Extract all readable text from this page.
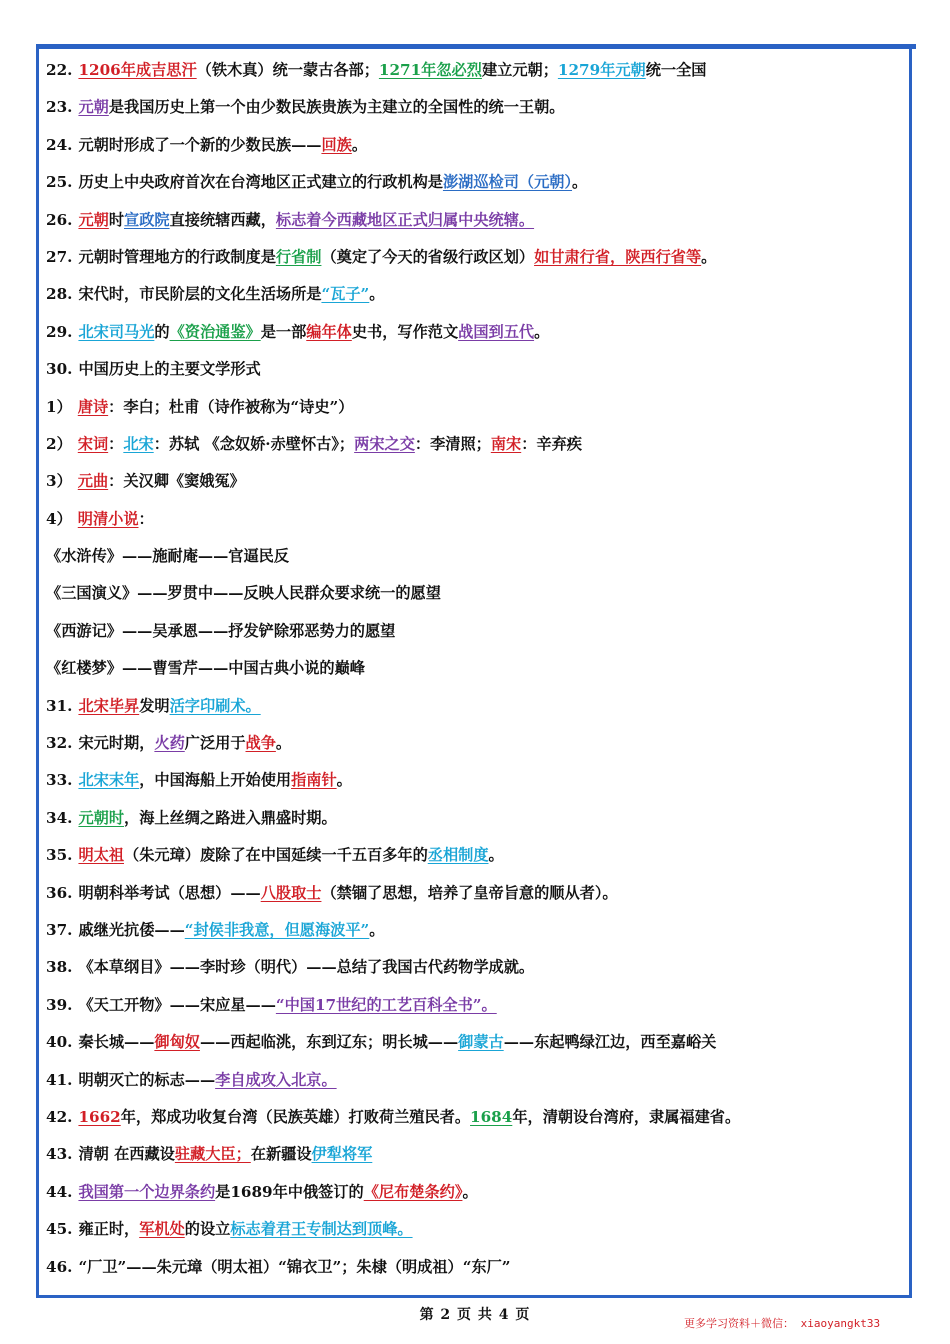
22. 1206年成吉思汗（铁木真）统一蒙古各部；1271年忽必烈建立元朝；1279年元朝统一全国
23. 元朝是我国历史上第一个由少数民族贵族为主建立的全国性的统一王朝。
24. 元朝时形成了一个新的少数民族——回族。
25. 历史上中央政府首次在台湾地区正式建立的行政机构是澎湖巡检司（元朝）。
26. 元朝时宣政院直接统辖西藏，标志着今西藏地区正式归属中央统辖。
27. 元朝时管理地方的行政制度是行省制（奠定了今天的省级行政区划）如甘肃行省，陕西行省等。
28. 宋代时，市民阶层的文化生活场所是“瓦子”。
29. 北宋司马光的《资治通鉴》是一部编年体史书，写作范文战国到五代。
30. 中国历史上的主要文学形式
1） 唐诗：李白；杜甫（诗作被称为“诗史”）
2） 宋词：北宋：苏轼 《念奴娇·赤壁怀古》；两宋之交：李清照；南宋：辛弃疾
3） 元曲：关汉卿《窦娥冤》
4） 明清小说：
《水浒传》——施耐庵——官逼民反
《三国演义》——罗贯中——反映人民群众要求统一的愿望
《西游记》——吴承恩——抒发铲除邪恶势力的愿望
《红楼梦》——曹雪芹——中国古典小说的巅峰
31. 北宋毕昇发明活字印刷术。
32. 宋元时期，火药广泛用于战争。
33. 北宋末年，中国海船上开始使用指南针。
34. 元朝时，海上丝绸之路进入鼎盛时期。
35. 明太祖（朱元璋）废除了在中国延续一千五百多年的丞相制度。
36. 明朝科举考试（思想）——八股取士（禁锢了思想，培养了皇帝旨意的顺从者）。
37. 戚继光抗倭——“封侯非我意，但愿海波平”。
38. 《本草纲目》——李时珍（明代）——总结了我国古代药物学成就。
39. 《天工开物》——宋应星——“中国17世纪的工艺百科全书”。
40. 秦长城——御匈奴——西起临洮，东到辽东；明长城——御蒙古——东起鸭绿江边，西至嘉峪关
41. 明朝灭亡的标志——李自成攻入北京。
42. 1662年，郑成功收复台湾（民族英雄）打败荷兰殖民者。1684年，清朝设台湾府，隶属福建省。
43. 清朝 在西藏设驻藏大臣；在新疆设伊犁将军
44. 我国第一个边界条约是1689年中俄签订的《尼布楚条约》。
45. 雍正时，军机处的设立标志着君王专制达到顶峰。
46. “厂卫”——朱元璋（明太祖）“锦衣卫”；朱棣（明成祖）“东厂”
第 2 页 共 4 页
更多学习资料＋微信： xiaoyangkt33
